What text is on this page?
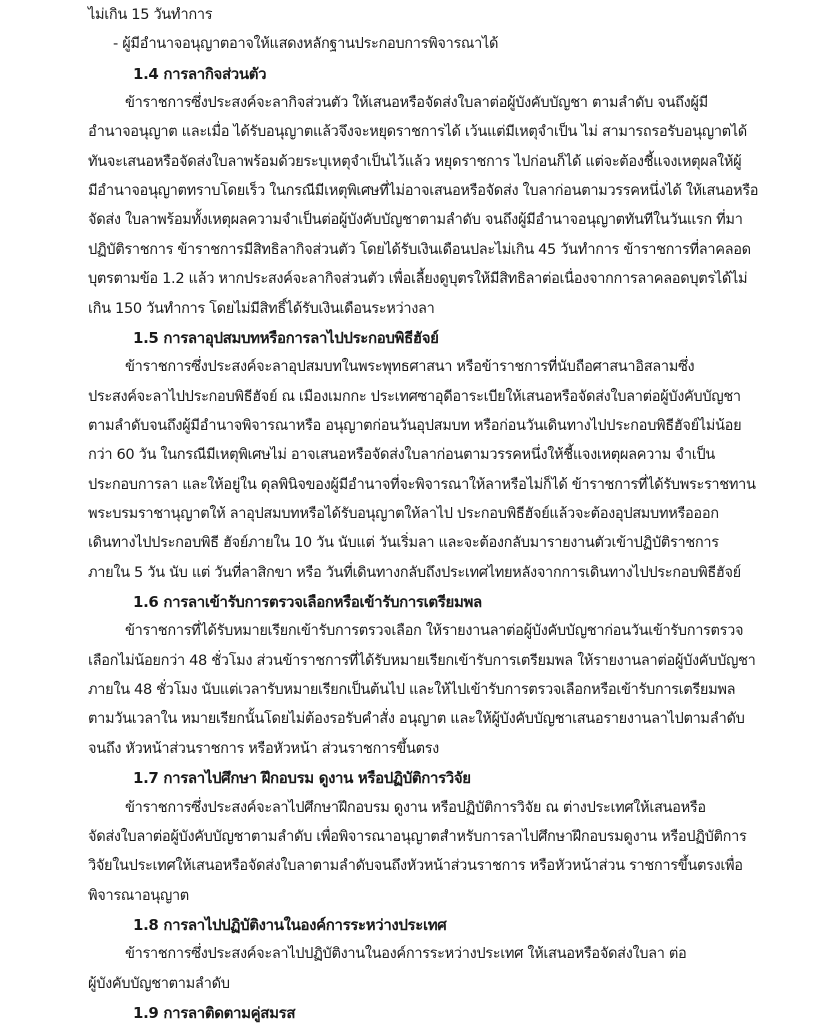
ไม่เกิน 15 วันทำการ
- ผู้มีอำนาจอนุญาตอาจให้แสดงหลักฐานประกอบการพิจารณาได้
1.4 การลากิจส่วนตัว
ข้าราชการซึ่งประสงค์จะลากิจส่วนตัว ให้เสนอหรือจัดส่งใบลาต่อผู้บังคับบัญชา ตามลำดับ จนถึงผู้มี
อำนาจอนุญาต และเมื่อ ได้รับอนุญาตแล้วจึงจะหยุดราชการได้ เว้นแต่มีเหตุจำเป็น ไม่ สามารถรอรับอนุญาตได้
ทันจะเสนอหรือจัดส่งใบลาพร้อมด้วยระบุเหตุจำเป็นไว้แล้ว หยุดราชการ ไปก่อนก็ได้ แต่จะต้องชี้แจงเหตุผลให้ผู้
มีอำนาจอนุญาตทราบโดยเร็ว ในกรณีมีเหตุพิเศษที่ไม่อาจเสนอหรือจัดส่ง ใบลาก่อนตามวรรคหนึ่งได้ ให้เสนอหรือ
จัดส่ง ใบลาพร้อมทั้งเหตุผลความจำเป็นต่อผู้บังคับบัญชาตามลำดับ จนถึงผู้มีอำนาจอนุญาตทันทีในวันแรก ที่มา
ปฏิบัติราชการ ข้าราชการมีสิทธิลากิจส่วนตัว โดยได้รับเงินเดือนปละไม่เกิน 45 วันทำการ ข้าราชการที่ลาคลอด
บุตรตามข้อ 1.2 แล้ว หากประสงค์จะลากิจส่วนตัว เพื่อเลี้ยงดูบุตรให้มีสิทธิลาต่อเนื่องจากการลาคลอดบุตรได้ไม่
เกิน 150 วันทำการ โดยไม่มีสิทธิ์ได้รับเงินเดือนระหว่างลา
1.5 การลาอุปสมบทหรือการลาไปประกอบพิธีฮัจย์
ข้าราชการซึ่งประสงค์จะลาอุปสมบทในพระพุทธศาสนา หรือข้าราชการที่นับถือศาสนาอิสลามซึ่ง
ประสงค์จะลาไปประกอบพิธีฮัจย์ ณ เมืองเมกกะ ประเทศซาอุดีอาระเบียให้เสนอหรือจัดส่งใบลาต่อผู้บังคับบัญชา
ตามลำดับจนถึงผู้มีอำนาจพิจารณาหรือ อนุญาตก่อนวันอุปสมบท หรือก่อนวันเดินทางไปประกอบพิธีฮัจย์ไม่น้อย
กว่า 60 วัน ในกรณีมีเหตุพิเศษไม่ อาจเสนอหรือจัดส่งใบลาก่อนตามวรรคหนึ่งให้ชี้แจงเหตุผลความ จำเป็น
ประกอบการลา และให้อยู่ใน ดุลพินิจของผู้มีอำนาจที่จะพิจารณาให้ลาหรือไม่ก็ได้ ข้าราชการที่ได้รับพระราชทาน
พระบรมราชานุญาตให้ ลาอุปสมบทหรือได้รับอนุญาตให้ลาไป ประกอบพิธีฮัจย์แล้วจะต้องอุปสมบทหรือออก
เดินทางไปประกอบพิธี ฮัจย์ภายใน 10 วัน นับแต่ วันเริ่มลา และจะต้องกลับมารายงานตัวเข้าปฏิบัติราชการ
ภายใน 5 วัน นับ แต่ วันที่ลาสิกขา หรือ วันที่เดินทางกลับถึงประเทศไทยหลังจากการเดินทางไปประกอบพิธีฮัจย์
1.6 การลาเข้ารับการตรวจเลือกหรือเข้ารับการเตรียมพล
ข้าราชการที่ได้รับหมายเรียกเข้ารับการตรวจเลือก ให้รายงานลาต่อผู้บังคับบัญชาก่อนวันเข้ารับการตรวจ
เลือกไม่น้อยกว่า 48 ชั่วโมง ส่วนข้าราชการที่ได้รับหมายเรียกเข้ารับการเตรียมพล ให้รายงานลาต่อผู้บังคับบัญชา
ภายใน 48 ชั่วโมง นับแต่เวลารับหมายเรียกเป็นต้นไป และให้ไปเข้ารับการตรวจเลือกหรือเข้ารับการเตรียมพล
ตามวันเวลาใน หมายเรียกนั้นโดยไม่ต้องรอรับคำสั่ง อนุญาต และให้ผู้บังคับบัญชาเสนอรายงานลาไปตามลำดับ
จนถึง หัวหน้าส่วนราชการ หรือหัวหน้า ส่วนราชการขึ้นตรง
1.7 การลาไปศึกษา ฝึกอบรม ดูงาน หรือปฏิบัติการวิจัย
ข้าราชการซึ่งประสงค์จะลาไปศึกษาฝึกอบรม ดูงาน หรือปฏิบัติการวิจัย ณ ต่างประเทศให้เสนอหรือ
จัดส่งใบลาต่อผู้บังคับบัญชาตามลำดับ เพื่อพิจารณาอนุญาตสำหรับการลาไปศึกษาฝึกอบรมดูงาน หรือปฏิบัติการ
วิจัยในประเทศให้เสนอหรือจัดส่งใบลาตามลำดับจนถึงหัวหน้าส่วนราชการ หรือหัวหน้าส่วน ราชการขึ้นตรงเพื่อ
พิจารณาอนุญาต
1.8 การลาไปปฏิบัติงานในองค์การระหว่างประเทศ
ข้าราชการซึ่งประสงค์จะลาไปปฏิบัติงานในองค์การระหว่างประเทศ ให้เสนอหรือจัดส่งใบลา ต่อ
ผู้บังคับบัญชาตามลำดับ
1.9 การลาติดตามคู่สมรส
